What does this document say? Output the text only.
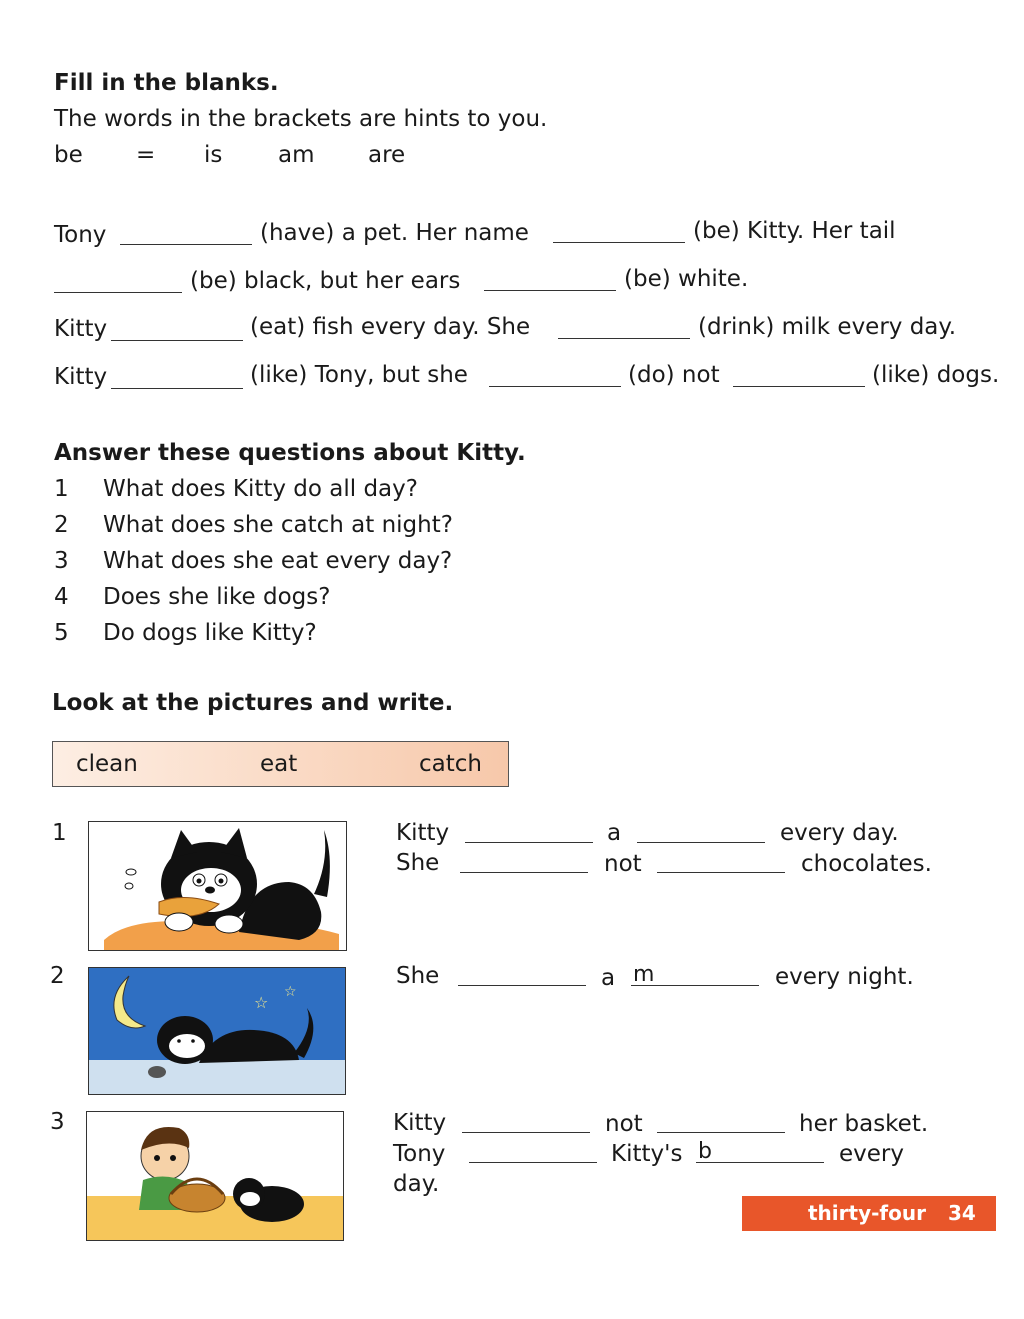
Fill in the blanks.
The words in the brackets are hints to you.
be = is am are
Tony	(have) a pet. Her name	(be) Kitty. Her tail
(be) black, but her ears	(be) white.
Kitty	(eat) fish every day. She	(drink) milk every day.
Kitty	(like) Tony, but she	(do) not	(like) dogs.
Answer these questions about Kitty.
1 What does Kitty do all day?
2 What does she catch at night?
3 What does she eat every day?
4 Does she like dogs?
5 Do dogs like Kitty?
Look at the pictures and write.
clean	eat	catch
1
2
3
☆
☆
Kitty	a	every day.
She	not	chocolates.
She	a m	every night.
Kitty	not	her basket.
Tony	Kitty's b	every
day.
thirty-four 34
